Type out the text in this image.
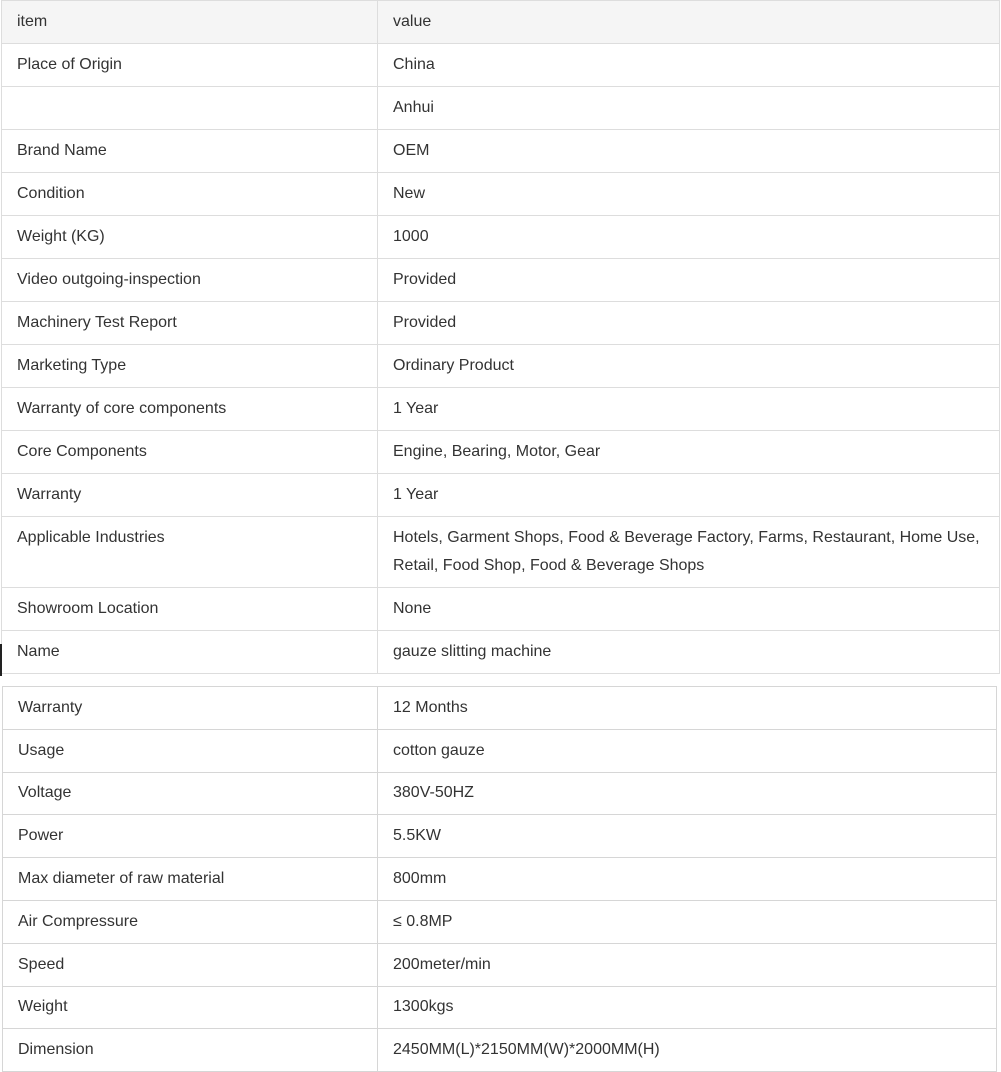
item	value
Place of Origin	China
	Anhui
Brand Name	OEM
Condition	New
Weight (KG)	1000
Video outgoing-inspection	Provided
Machinery Test Report	Provided
Marketing Type	Ordinary Product
Warranty of core components	1 Year
Core Components	Engine, Bearing, Motor, Gear
Warranty	1 Year
Applicable Industries	Hotels, Garment Shops, Food & Beverage Factory, Farms, Restaurant, Home Use, Retail, Food Shop, Food & Beverage Shops
Showroom Location	None
Name	gauze slitting machine
Warranty	12 Months
Usage	cotton gauze
Voltage	380V-50HZ
Power	5.5KW
Max diameter of raw material	800mm
Air Compressure	≤ 0.8MP
Speed	200meter/min
Weight	1300kgs
Dimension	2450MM(L)*2150MM(W)*2000MM(H)
